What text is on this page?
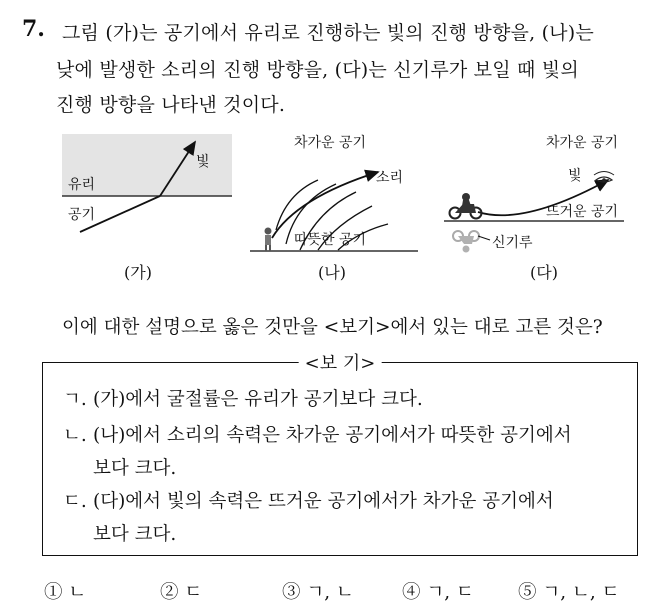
7. 그림 (가)는 공기에서 유리로 진행하는 빛의 진행 방향을, (나)는
낮에 발생한 소리의 진행 방향을, (다)는 신기루가 보일 때 빛의
진행 방향을 나타낸 것이다.
유리
공기
빛
(가)
차가운 공기
소리
따뜻한 공기
(나)
차가운 공기
빛
뜨거운 공기
신기루
(다)
이에 대한 설명으로 옳은 것만을 <보기>에서 있는 대로 고른 것은?
<보 기>
ㄱ. (가)에서 굴절률은 유리가 공기보다 크다.
ㄴ. (나)에서 소리의 속력은 차가운 공기에서가 따뜻한 공기에서
보다 크다.
ㄷ. (다)에서 빛의 속력은 뜨거운 공기에서가 차가운 공기에서
보다 크다.
① ㄴ	② ㄷ	③ ㄱ, ㄴ	④ ㄱ, ㄷ ⑤ ㄱ, ㄴ, ㄷ
